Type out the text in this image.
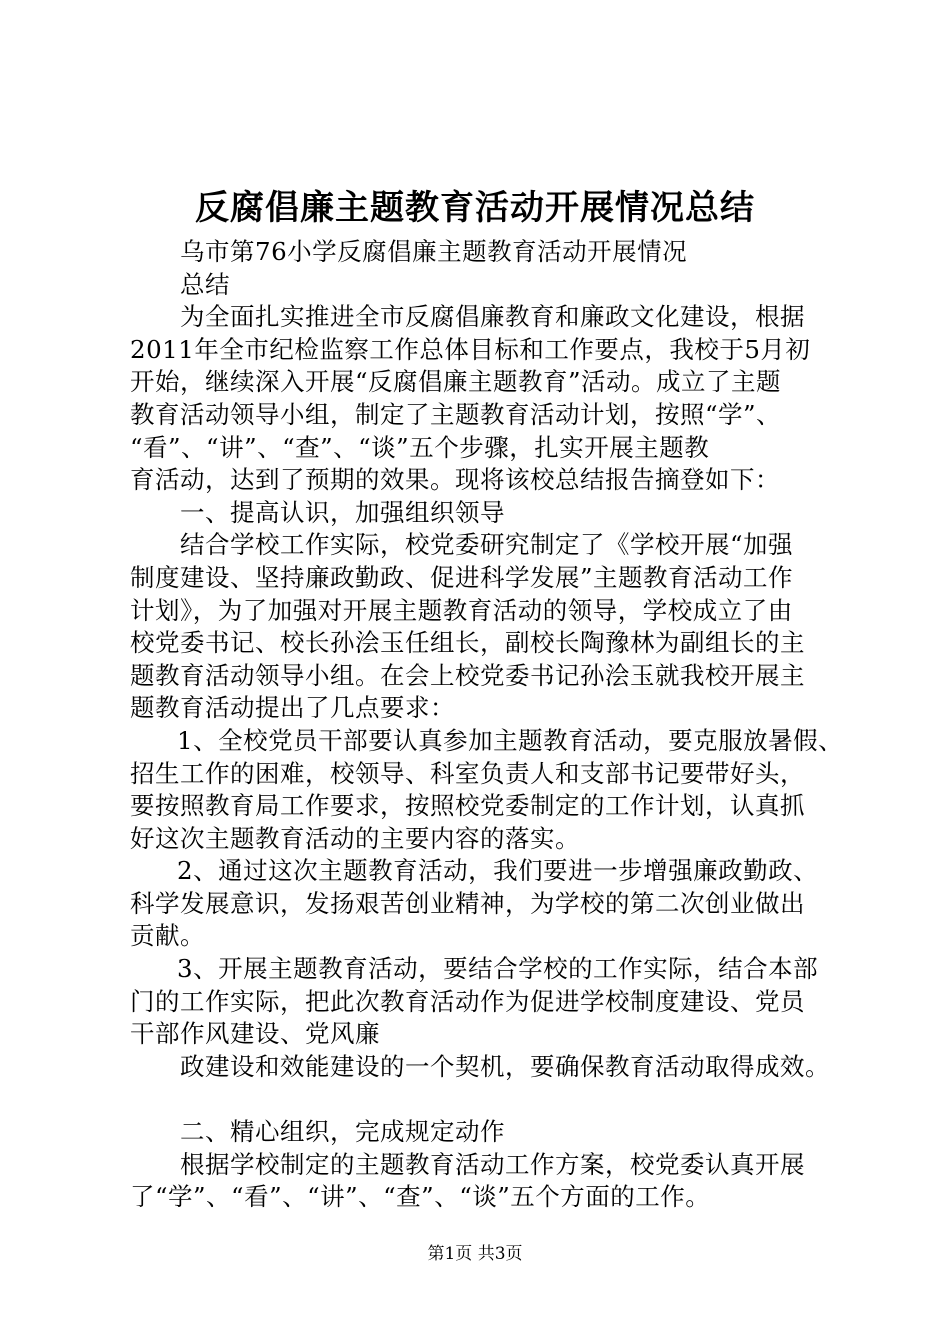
反腐倡廉主题教育活动开展情况总结
乌市第76小学反腐倡廉主题教育活动开展情况
总结
为全面扎实推进全市反腐倡廉教育和廉政文化建设，根据
2011年全市纪检监察工作总体目标和工作要点，我校于5月初
开始，继续深入开展“反腐倡廉主题教育”活动。成立了主题
教育活动领导小组，制定了主题教育活动计划，按照“学”、
“看”、“讲”、“查”、“谈”五个步骤，扎实开展主题教
育活动，达到了预期的效果。现将该校总结报告摘登如下：
一、提高认识，加强组织领导
结合学校工作实际，校党委研究制定了《学校开展“加强
制度建设、坚持廉政勤政、促进科学发展”主题教育活动工作
计划》，为了加强对开展主题教育活动的领导，学校成立了由
校党委书记、校长孙浍玉任组长，副校长陶豫林为副组长的主
题教育活动领导小组。在会上校党委书记孙浍玉就我校开展主
题教育活动提出了几点要求：
1、全校党员干部要认真参加主题教育活动，要克服放暑假、
招生工作的困难，校领导、科室负责人和支部书记要带好头，
要按照教育局工作要求，按照校党委制定的工作计划，认真抓
好这次主题教育活动的主要内容的落实。
2、通过这次主题教育活动，我们要进一步增强廉政勤政、
科学发展意识，发扬艰苦创业精神，为学校的第二次创业做出
贡献。
3、开展主题教育活动，要结合学校的工作实际，结合本部
门的工作实际，把此次教育活动作为促进学校制度建设、党员
干部作风建设、党风廉
政建设和效能建设的一个契机，要确保教育活动取得成效。
二、精心组织，完成规定动作
根据学校制定的主题教育活动工作方案，校党委认真开展
了“学”、“看”、“讲”、“查”、“谈”五个方面的工作。
第1页 共3页
